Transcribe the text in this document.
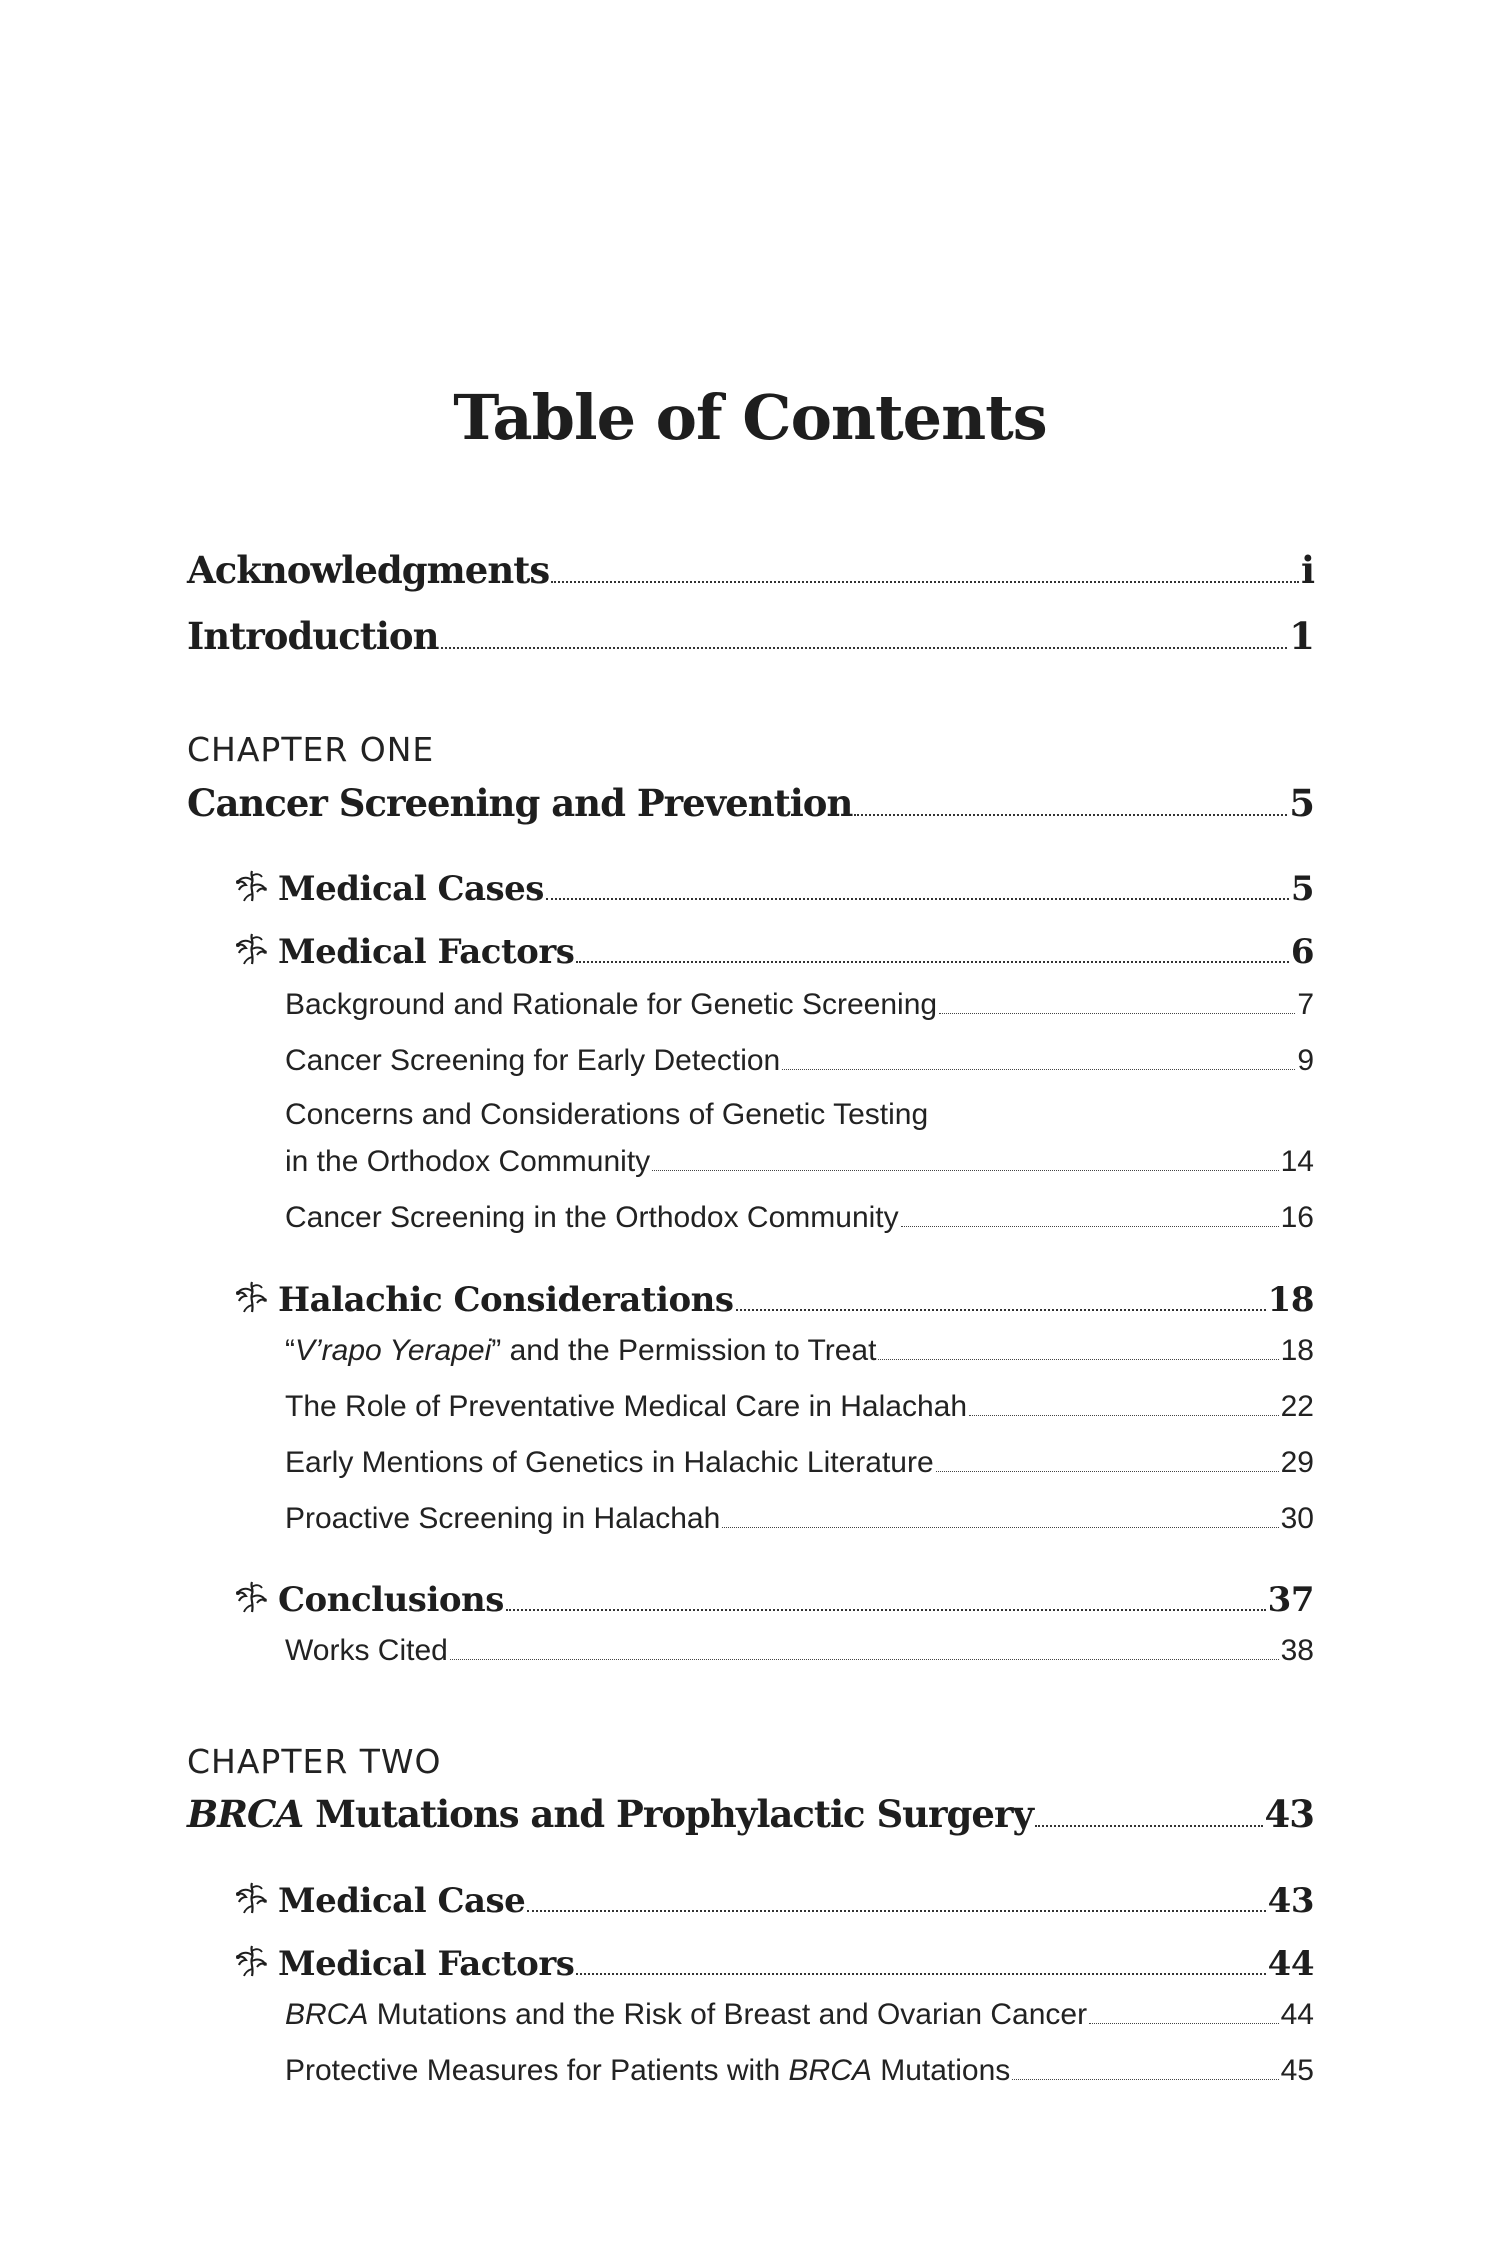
Table of Contents
Acknowledgments	i
Introduction	1

CHAPTER ONE

Cancer Screening and Prevention	5
Medical Cases	5
Medical Factors	6
Background and Rationale for Genetic Screening	7
Cancer Screening for Early Detection	9
Concerns and Considerations of Genetic Testing
in the Orthodox Community	14
Cancer Screening in the Orthodox Community	16
Halachic Considerations	18
“V’rapo Yerapei” and the Permission to Treat	18
The Role of Preventative Medical Care in Halachah	22
Early Mentions of Genetics in Halachic Literature	29
Proactive Screening in Halachah	30
Conclusions	37
Works Cited	38

CHAPTER TWO

BRCA Mutations and Prophylactic Surgery	43
Medical Case	43
Medical Factors	44
BRCA Mutations and the Risk of Breast and Ovarian Cancer	44
Protective Measures for Patients with BRCA Mutations	45
